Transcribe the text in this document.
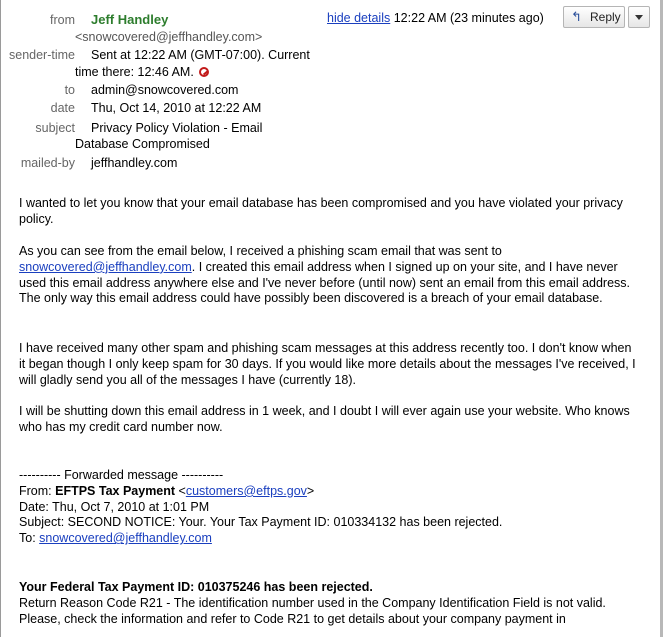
from Jeff Handley
<snowcovered@jeffhandley.com>
hide details 12:22 AM (23 minutes ago) ↰ Reply
sender-time Sent at 12:22 AM (GMT-07:00). Current
time there: 12:46 AM.
to admin@snowcovered.com
date Thu, Oct 14, 2010 at 12:22 AM
subject Privacy Policy Violation - Email
Database Compromised
mailed-by jeffhandley.com

I wanted to let you know that your email database has been compromised and you have violated your privacy policy.

As you can see from the email below, I received a phishing scam email that was sent to
snowcovered@jeffhandley.com. I created this email address when I signed up on your site, and I have never used this email address anywhere else and I've never before (until now) sent an email from this email address. The only way this email address could have possibly been discovered is a breach of your email database.

I have received many other spam and phishing scam messages at this address recently too. I don't know when it began though I only keep spam for 30 days. If you would like more details about the messages I've received, I will gladly send you all of the messages I have (currently 18).

I will be shutting down this email address in 1 week, and I doubt I will ever again use your website. Who knows who has my credit card number now.

---------- Forwarded message ----------

From: EFTPS Tax Payment <customers@eftps.gov>

Date: Thu, Oct 7, 2010 at 1:01 PM

Subject: SECOND NOTICE: Your. Your Tax Payment ID: 010334132 has been rejected.

To: snowcovered@jeffhandley.com

Your Federal Tax Payment ID: 010375246 has been rejected.

Return Reason Code R21 - The identification number used in the Company Identification Field is not valid.

Please, check the information and refer to Code R21 to get details about your company payment in
